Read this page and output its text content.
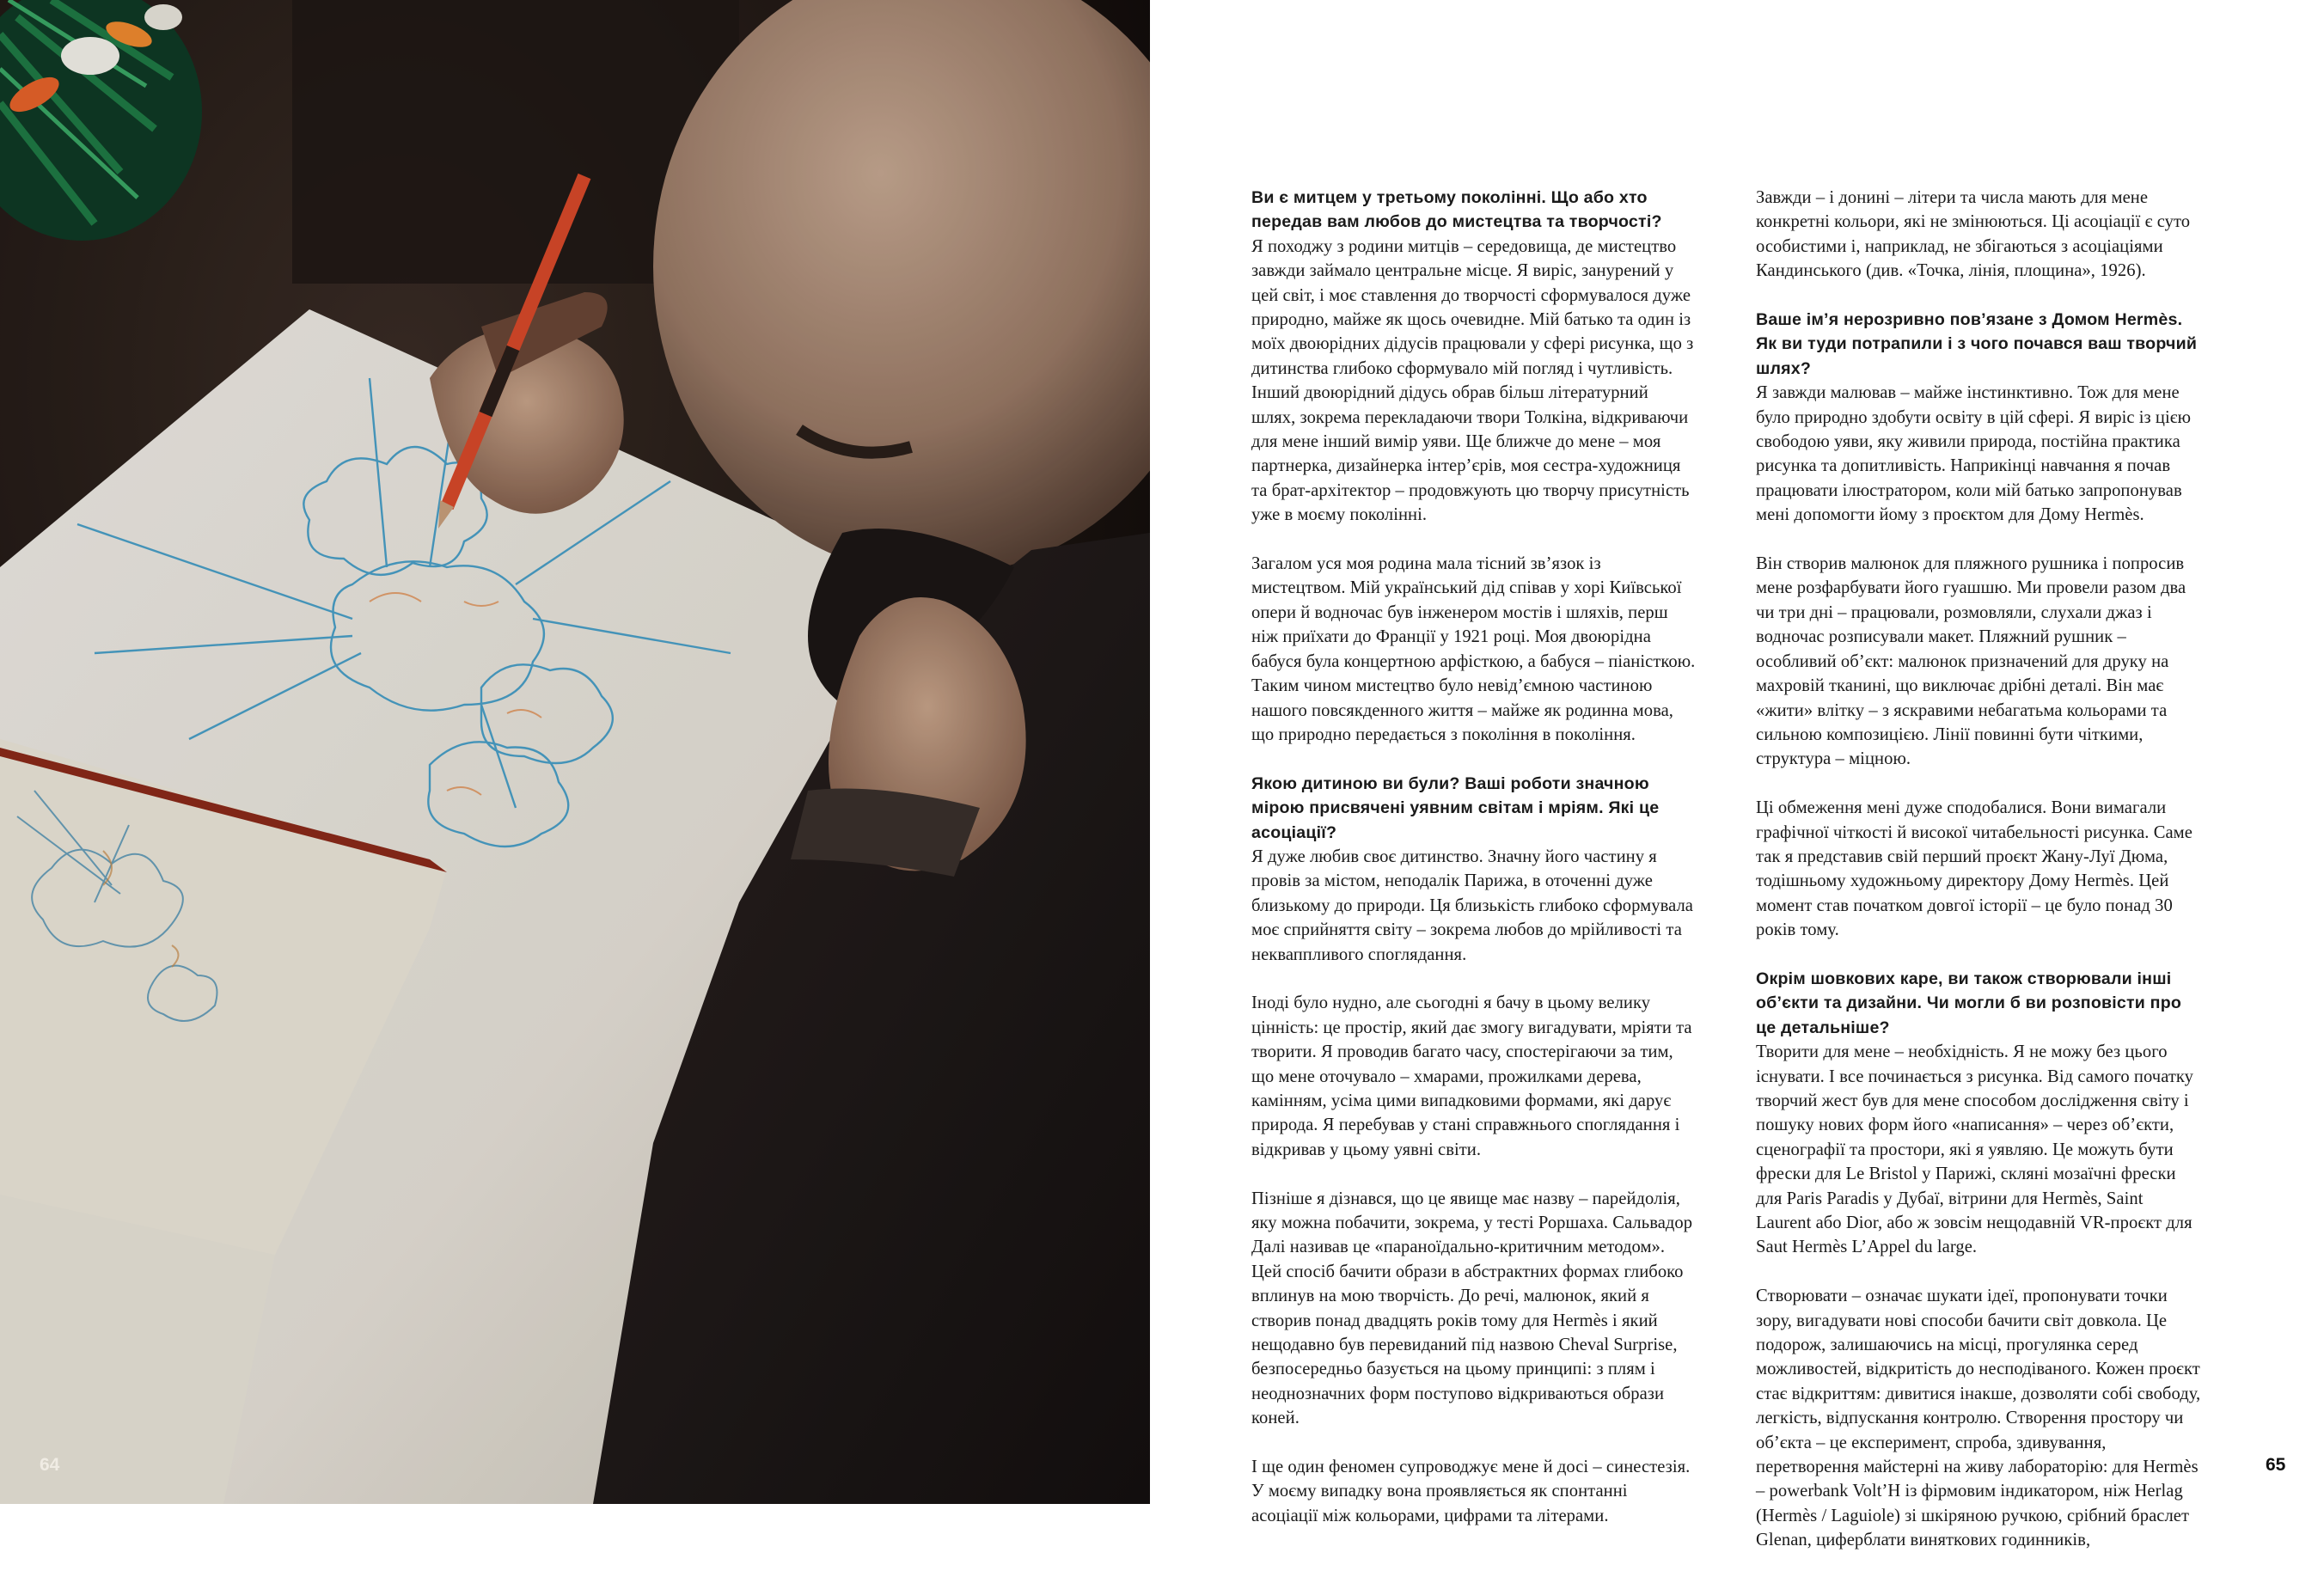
64
Ви є митцем у третьому поколінні. Що або хто передав вам любов до мистецтва та творчості?
Я походжу з родини митців – середовища, де мистецтво завжди займало центральне місце. Я виріс, занурений у цей світ, і моє ставлення до творчості сформувалося дуже природно, майже як щось очевидне. Мій батько та один із моїх двоюрідних дідусів працювали у сфері рисунка, що з дитинства глибоко сформувало мій погляд і чутливість. Інший двоюрідний дідусь обрав більш літературний шлях, зокрема перекладаючи твори Толкіна, відкриваючи для мене інший вимір уяви. Ще ближче до мене – моя партнерка, дизайнерка інтер’єрів, моя сестра-художниця та брат-архітектор – продовжують цю творчу присутність уже в моєму поколінні.
Загалом уся моя родина мала тісний зв’язок із мистецтвом. Мій український дід співав у хорі Київської опери й водночас був інженером мостів і шляхів, перш ніж приїхати до Франції у 1921 році. Моя двоюрідна бабуся була концертною арфісткою, а бабуся – піаністкою. Таким чином мистецтво було невід’ємною частиною нашого повсякденного життя – майже як родинна мова, що природно передається з покоління в покоління.
Якою дитиною ви були? Ваші роботи значною мірою присвячені уявним світам і мріям. Які це асоціації?
Я дуже любив своє дитинство. Значну його частину я провів за містом, неподалік Парижа, в оточенні дуже близькому до природи. Ця близькість глибоко сформувала моє сприйняття світу – зокрема любов до мрійливості та некваппливого споглядання.
Іноді було нудно, але сьогодні я бачу в цьому велику цінність: це простір, який дає змогу вигадувати, мріяти та творити. Я проводив багато часу, спостерігаючи за тим, що мене оточувало – хмарами, прожилками дерева, камінням, усіма цими випадковими формами, які дарує природа. Я перебував у стані справжнього споглядання і відкривав у цьому уявні світи.
Пізніше я дізнався, що це явище має назву – парейдолія, яку можна побачити, зокрема, у тесті Роршаха. Сальвадор Далі називав це «параноїдально-критичним методом». Цей спосіб бачити образи в абстрактних формах глибоко вплинув на мою творчість. До речі, малюнок, який я створив понад двадцять років тому для Hermès і який нещодавно був перевиданий під назвою Cheval Surprise, безпосередньо базується на цьому принципі: з плям і неоднозначних форм поступово відкриваються образи коней.
І ще один феномен супроводжує мене й досі – синестезія. У моєму випадку вона проявляється як спонтанні асоціації між кольорами, цифрами та літерами.
Завжди – і донині – літери та числа мають для мене конкретні кольори, які не змінюються. Ці асоціації є суто особистими і, наприклад, не збігаються з асоціаціями Кандинського (див. «Точка, лінія, площина», 1926).
Ваше ім’я нерозривно пов’язане з Домом Hermès. Як ви туди потрапили і з чого почався ваш творчий шлях?
Я завжди малював – майже інстинктивно. Тож для мене було природно здобути освіту в цій сфері. Я виріс із цією свободою уяви, яку живили природа, постійна практика рисунка та допитливість. Наприкінці навчання я почав працювати ілюстратором, коли мій батько запропонував мені допомогти йому з проєктом для Дому Hermès.
Він створив малюнок для пляжного рушника і попросив мене розфарбувати його гуашшю. Ми провели разом два чи три дні – працювали, розмовляли, слухали джаз і водночас розписували макет. Пляжний рушник – особливий об’єкт: малюнок призначений для друку на махровій тканині, що виключає дрібні деталі. Він має «жити» влітку – з яскравими небагатьма кольорами та сильною композицією. Лінії повинні бути чіткими, структура – міцною.
Ці обмеження мені дуже сподобалися. Вони вимагали графічної чіткості й високої читабельності рисунка. Саме так я представив свій перший проєкт Жану-Луї Дюма, тодішньому художньому директору Дому Hermès. Цей момент став початком довгої історії – це було понад 30 років тому.
Окрім шовкових каре, ви також створювали інші об’єкти та дизайни. Чи могли б ви розповісти про це детальніше?
Творити для мене – необхідність. Я не можу без цього існувати. І все починається з рисунка. Від самого початку творчий жест був для мене способом дослідження світу і пошуку нових форм його «написання» – через об’єкти, сценографії та простори, які я уявляю. Це можуть бути фрески для Le Bristol у Парижі, скляні мозаїчні фрески для Paris Paradis у Дубаї, вітрини для Hermès, Saint Laurent або Dior, або ж зовсім нещодавній VR-проєкт для Saut Hermès L’Appel du large.
Створювати – означає шукати ідеї, пропонувати точки зору, вигадувати нові способи бачити світ довкола. Це подорож, залишаючись на місці, прогулянка серед можливостей, відкритість до несподіваного. Кожен проєкт стає відкриттям: дивитися інакше, дозволяти собі свободу, легкість, відпускання контролю. Створення простору чи об’єкта – це експеримент, спроба, здивування, перетворення майстерні на живу лабораторію: для Hermès – powerbank Volt’H із фірмовим індикатором, ніж Herlag (Hermès / Laguiole) зі шкіряною ручкою, срібний браслет Glenan, циферблати виняткових годинників,
65
